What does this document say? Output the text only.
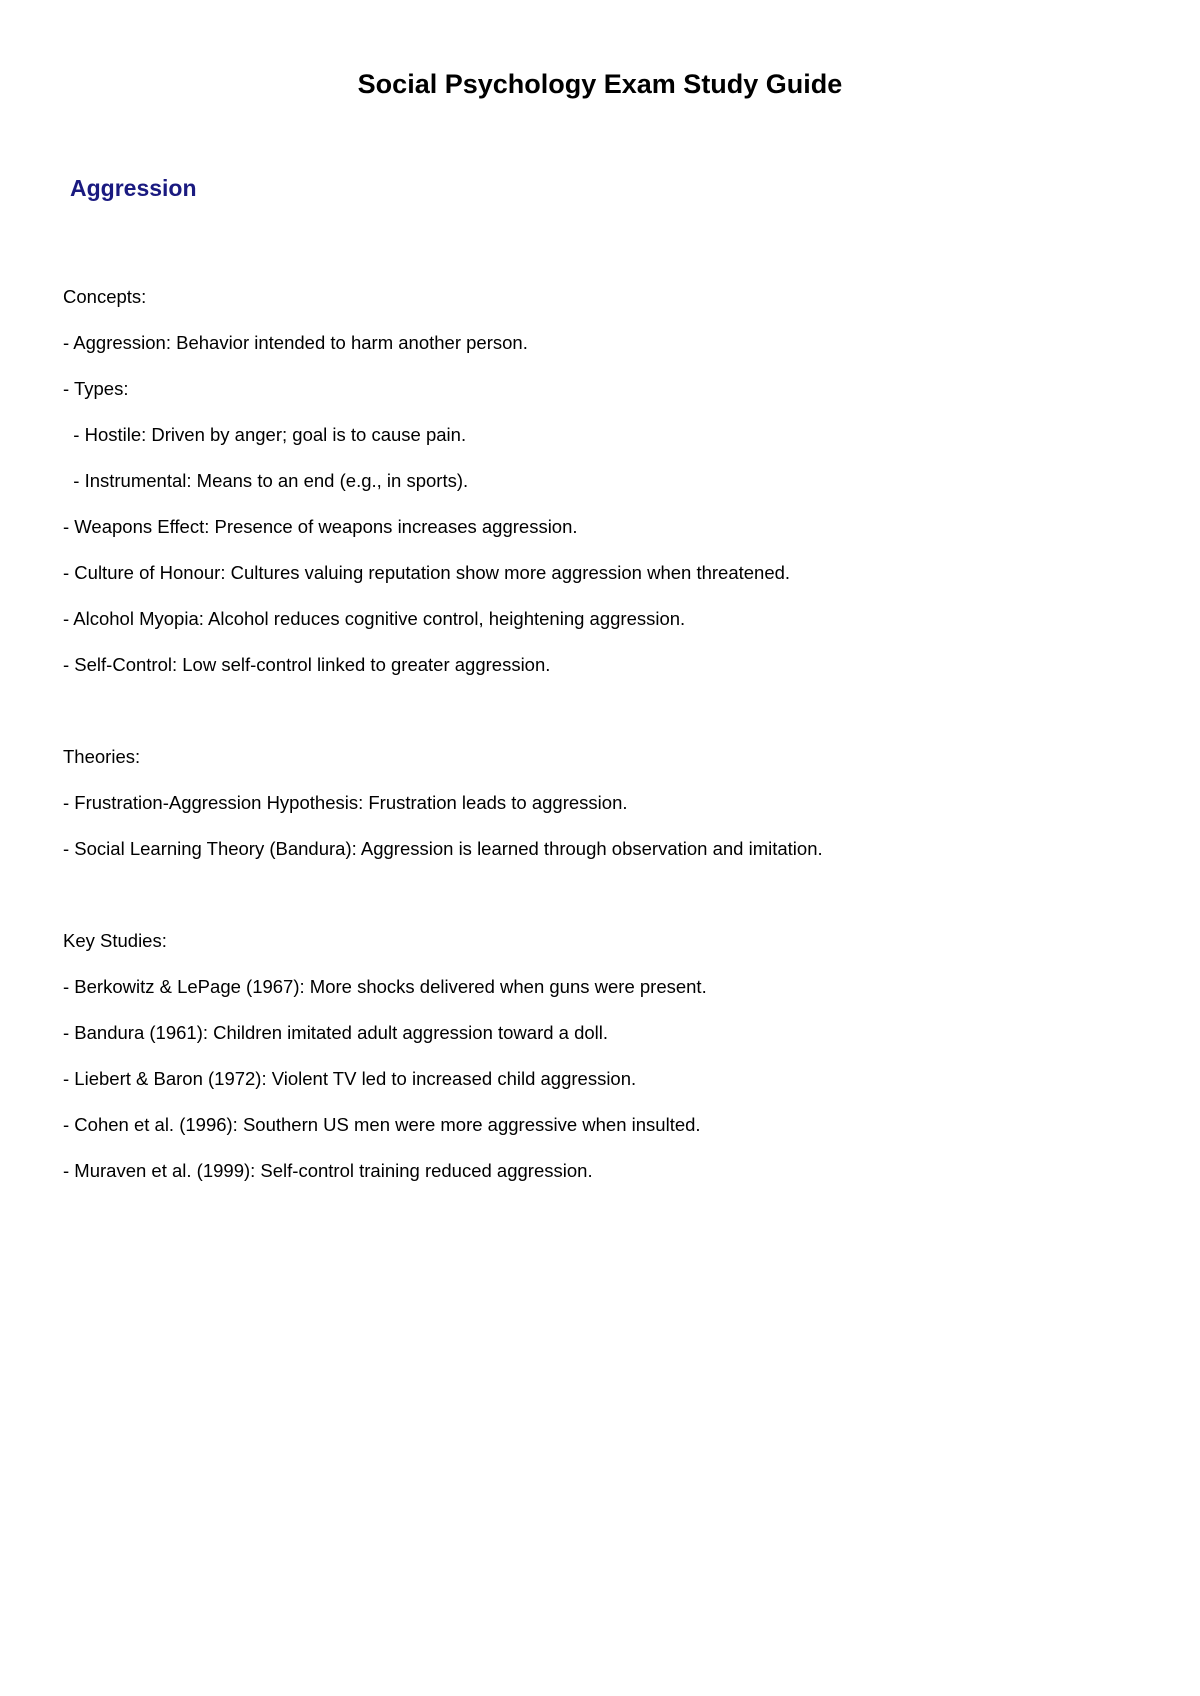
Social Psychology Exam Study Guide
Aggression
Concepts:
- Aggression: Behavior intended to harm another person.
- Types:
- Hostile: Driven by anger; goal is to cause pain.
- Instrumental: Means to an end (e.g., in sports).
- Weapons Effect: Presence of weapons increases aggression.
- Culture of Honour: Cultures valuing reputation show more aggression when threatened.
- Alcohol Myopia: Alcohol reduces cognitive control, heightening aggression.
- Self-Control: Low self-control linked to greater aggression.
Theories:
- Frustration-Aggression Hypothesis: Frustration leads to aggression.
- Social Learning Theory (Bandura): Aggression is learned through observation and imitation.
Key Studies:
- Berkowitz & LePage (1967): More shocks delivered when guns were present.
- Bandura (1961): Children imitated adult aggression toward a doll.
- Liebert & Baron (1972): Violent TV led to increased child aggression.
- Cohen et al. (1996): Southern US men were more aggressive when insulted.
- Muraven et al. (1999): Self-control training reduced aggression.
